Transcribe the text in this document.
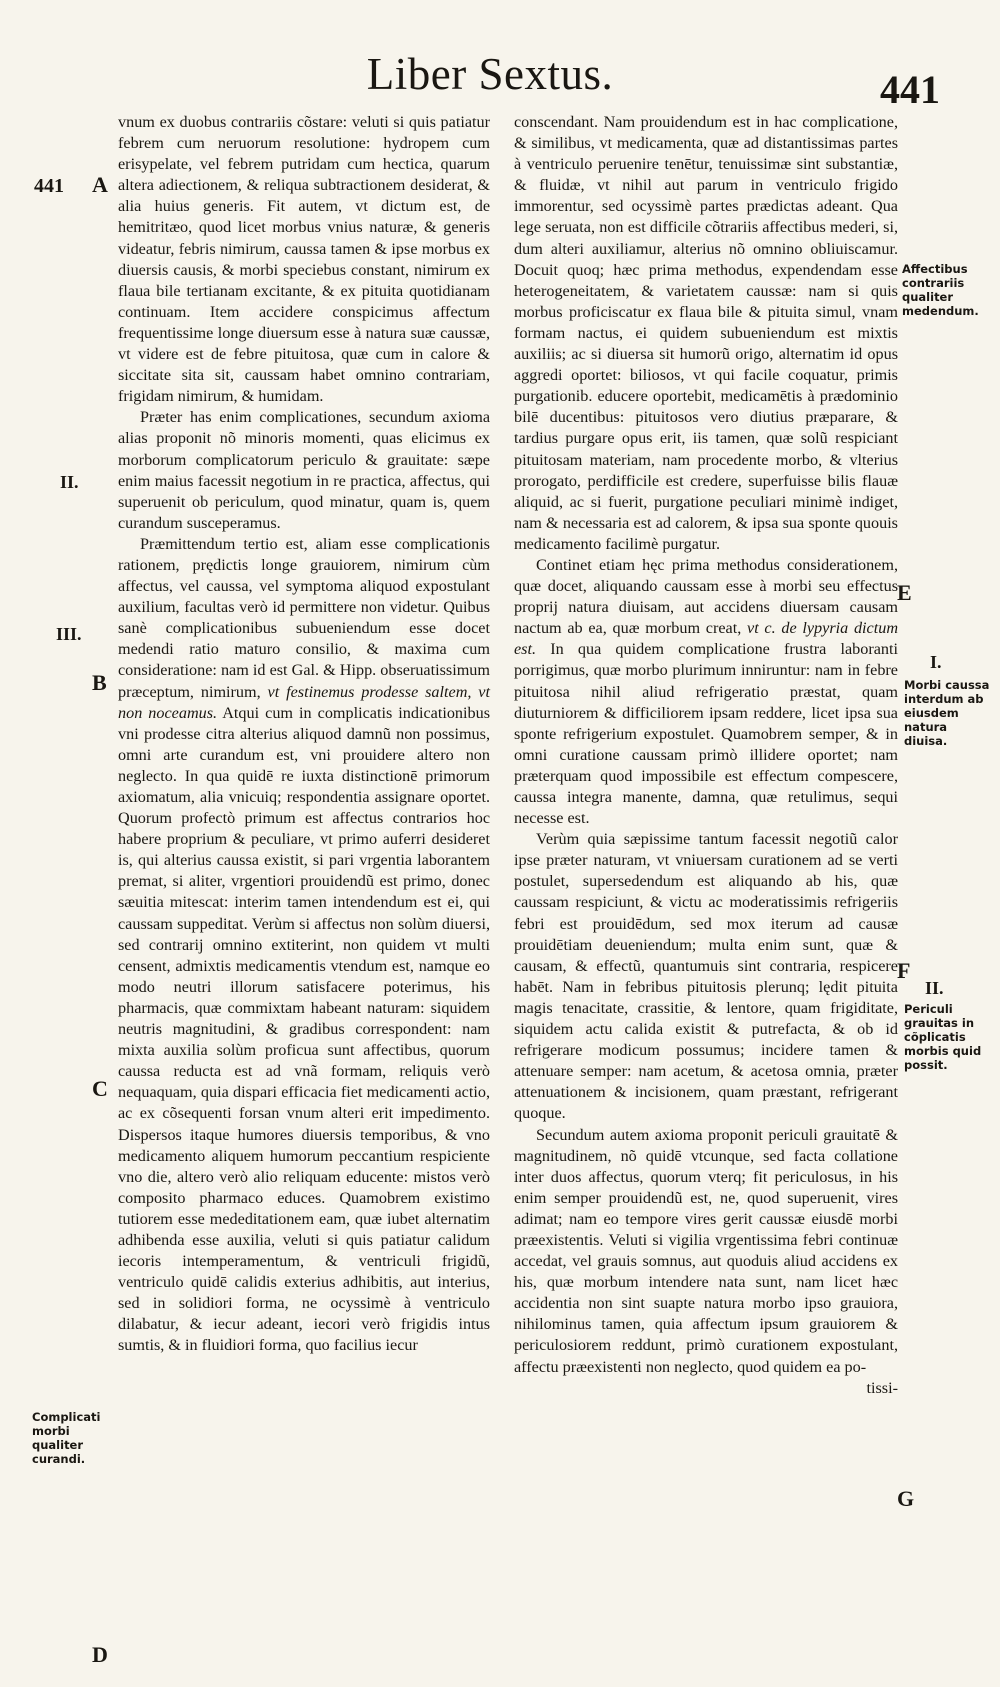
Liber Sextus.	441
441 A
B
C
D
II.
III.
Complicati morbi qualiter curandi.
E
F
G
I.
II.
Affectibus contrariis qualiter medendum.
Morbi caussa interdum ab eiusdem natura diuisa.
Periculi grauitas in cõplicatis morbis quid possit.

vnum ex duobus contrariis cõstare: veluti si quis patiatur febrem cum neruorum resolutione: hydropem cum erisypelate, vel febrem putridam cum hectica, quarum altera adiectionem, & reliqua subtractionem desiderat, & alia huius generis. Fit autem, vt dictum est, de hemitritæo, quod licet morbus vnius naturæ, & generis videatur, febris nimirum, caussa tamen & ipse morbus ex diuersis causis, & morbi speciebus constant, nimirum ex flaua bile tertianam excitante, & ex pituita quotidianam continuam. Item accidere conspicimus affectum frequentissime longe diuersum esse à natura suæ caussæ, vt videre est de febre pituitosa, quæ cum in calore & siccitate sita sit, caussam habet omnino contrariam, frigidam nimirum, & humidam.

Præter has enim complicationes, secundum axioma alias proponit nõ minoris momenti, quas elicimus ex morborum complicatorum periculo & grauitate: sæpe enim maius facessit negotium in re practica, affectus, qui superuenit ob periculum, quod minatur, quam is, quem curandum susceperamus.

Præmittendum tertio est, aliam esse complicationis rationem, prędictis longe grauiorem, nimirum cùm affectus, vel caussa, vel symptoma aliquod expostulant auxilium, facultas verò id permittere non videtur. Quibus sanè complicationibus subueniendum esse docet medendi ratio maturo consilio, & maxima cum consideratione: nam id est Gal. & Hipp. obseruatissimum præceptum, nimirum, vt festinemus prodesse saltem, vt non noceamus. Atqui cum in complicatis indicationibus vni prodesse citra alterius aliquod damnũ non possimus, omni arte curandum est, vni prouidere altero non neglecto. In qua quidē re iuxta distinctionē primorum axiomatum, alia vnicuiq; respondentia assignare oportet. Quorum profectò primum est affectus contrarios hoc habere proprium & peculiare, vt primo auferri desideret is, qui alterius caussa existit, si pari vrgentia laborantem premat, si aliter, vrgentiori prouidendũ est primo, donec sæuitia mitescat: interim tamen intendendum est ei, qui caussam suppeditat. Verùm si affectus non solùm diuersi, sed contrarij omnino extiterint, non quidem vt multi censent, admixtis medicamentis vtendum est, namque eo modo neutri illorum satisfacere poterimus, his pharmacis, quæ commixtam habeant naturam: siquidem neutris magnitudini, & gradibus correspondent: nam mixta auxilia solùm proficua sunt affectibus, quorum caussa reducta est ad vnã formam, reliquis verò nequaquam, quia dispari efficacia fiet medicamenti actio, ac ex cõsequenti forsan vnum alteri erit impedimento. Dispersos itaque humores diuersis temporibus, & vno medicamento aliquem humorum peccantium respiciente vno die, altero verò alio reliquam educente: mistos verò composito pharmaco educes. Quamobrem existimo tutiorem esse mededitationem eam, quæ iubet alternatim adhibenda esse auxilia, veluti si quis patiatur calidum iecoris intemperamentum, & ventriculi frigidũ, ventriculo quidē calidis exterius adhibitis, aut interius, sed in solidiori forma, ne ocyssimè à ventriculo dilabatur, & iecur adeant, iecori verò frigidis intus sumtis, & in fluidiori forma, quo facilius iecur

conscendant. Nam prouidendum est in hac complicatione, & similibus, vt medicamenta, quæ ad distantissimas partes à ventriculo peruenire tenētur, tenuissimæ sint substantiæ, & fluidæ, vt nihil aut parum in ventriculo frigido immorentur, sed ocyssimè partes prædictas adeant. Qua lege seruata, non est difficile cõtrariis affectibus mederi, si, dum alteri auxiliamur, alterius nõ omnino obliuiscamur. Docuit quoq; hæc prima methodus, expendendam esse heterogeneitatem, & varietatem caussæ: nam si quis morbus proficiscatur ex flaua bile & pituita simul, vnam formam nactus, ei quidem subueniendum est mixtis auxiliis; ac si diuersa sit humorũ origo, alternatim id opus aggredi oportet: biliosos, vt qui facile coquatur, primis purgationib. educere oportebit, medicamētis à prædominio bilē ducentibus: pituitosos vero diutius præparare, & tardius purgare opus erit, iis tamen, quæ solũ respiciant pituitosam materiam, nam procedente morbo, & vlterius prorogato, perdifficile est credere, superfuisse bilis flauæ aliquid, ac si fuerit, purgatione peculiari minimè indiget, nam & necessaria est ad calorem, & ipsa sua sponte quouis medicamento facilimè purgatur.

Continet etiam hęc prima methodus considerationem, quæ docet, aliquando caussam esse à morbi seu effectus proprij natura diuisam, aut accidens diuersam causam nactum ab ea, quæ morbum creat, vt c. de lypyria dictum est. In qua quidem complicatione frustra laboranti porrigimus, quæ morbo plurimum inniruntur: nam in febre pituitosa nihil aliud refrigeratio præstat, quam diuturniorem & difficiliorem ipsam reddere, licet ipsa sua sponte refrigerium expostulet. Quamobrem semper, & in omni curatione caussam primò illidere oportet; nam præterquam quod impossibile est effectum compescere, caussa integra manente, damna, quæ retulimus, sequi necesse est.

Verùm quia sæpissime tantum facessit negotiũ calor ipse præter naturam, vt vniuersam curationem ad se verti postulet, supersedendum est aliquando ab his, quæ caussam respiciunt, & victu ac moderatissimis refrigeriis febri est prouidēdum, sed mox iterum ad causæ prouidētiam deueniendum; multa enim sunt, quæ & causam, & effectũ, quantumuis sint contraria, respicere habēt. Nam in febribus pituitosis plerunq; lędit pituita magis tenacitate, crassitie, & lentore, quam frigiditate, siquidem actu calida existit & putrefacta, & ob id refrigerare modicum possumus; incidere tamen & attenuare semper: nam acetum, & acetosa omnia, præter attenuationem & incisionem, quam præstant, refrigerant quoque.

Secundum autem axioma proponit periculi grauitatē & magnitudinem, nõ quidē vtcunque, sed facta collatione inter duos affectus, quorum vterq; fit periculosus, in his enim semper prouidendũ est, ne, quod superuenit, vires adimat; nam eo tempore vires gerit caussæ eiusdē morbi præexistentis. Veluti si vigilia vrgentissima febri continuæ accedat, vel grauis somnus, aut quoduis aliud accidens ex his, quæ morbum intendere nata sunt, nam licet hæc accidentia non sint suapte natura morbo ipso grauiora, nihilominus tamen, quia affectum ipsum grauiorem & periculosiorem reddunt, primò curationem expostulant, affectu præexistenti non neglecto, quod quidem ea po-

tissi-
